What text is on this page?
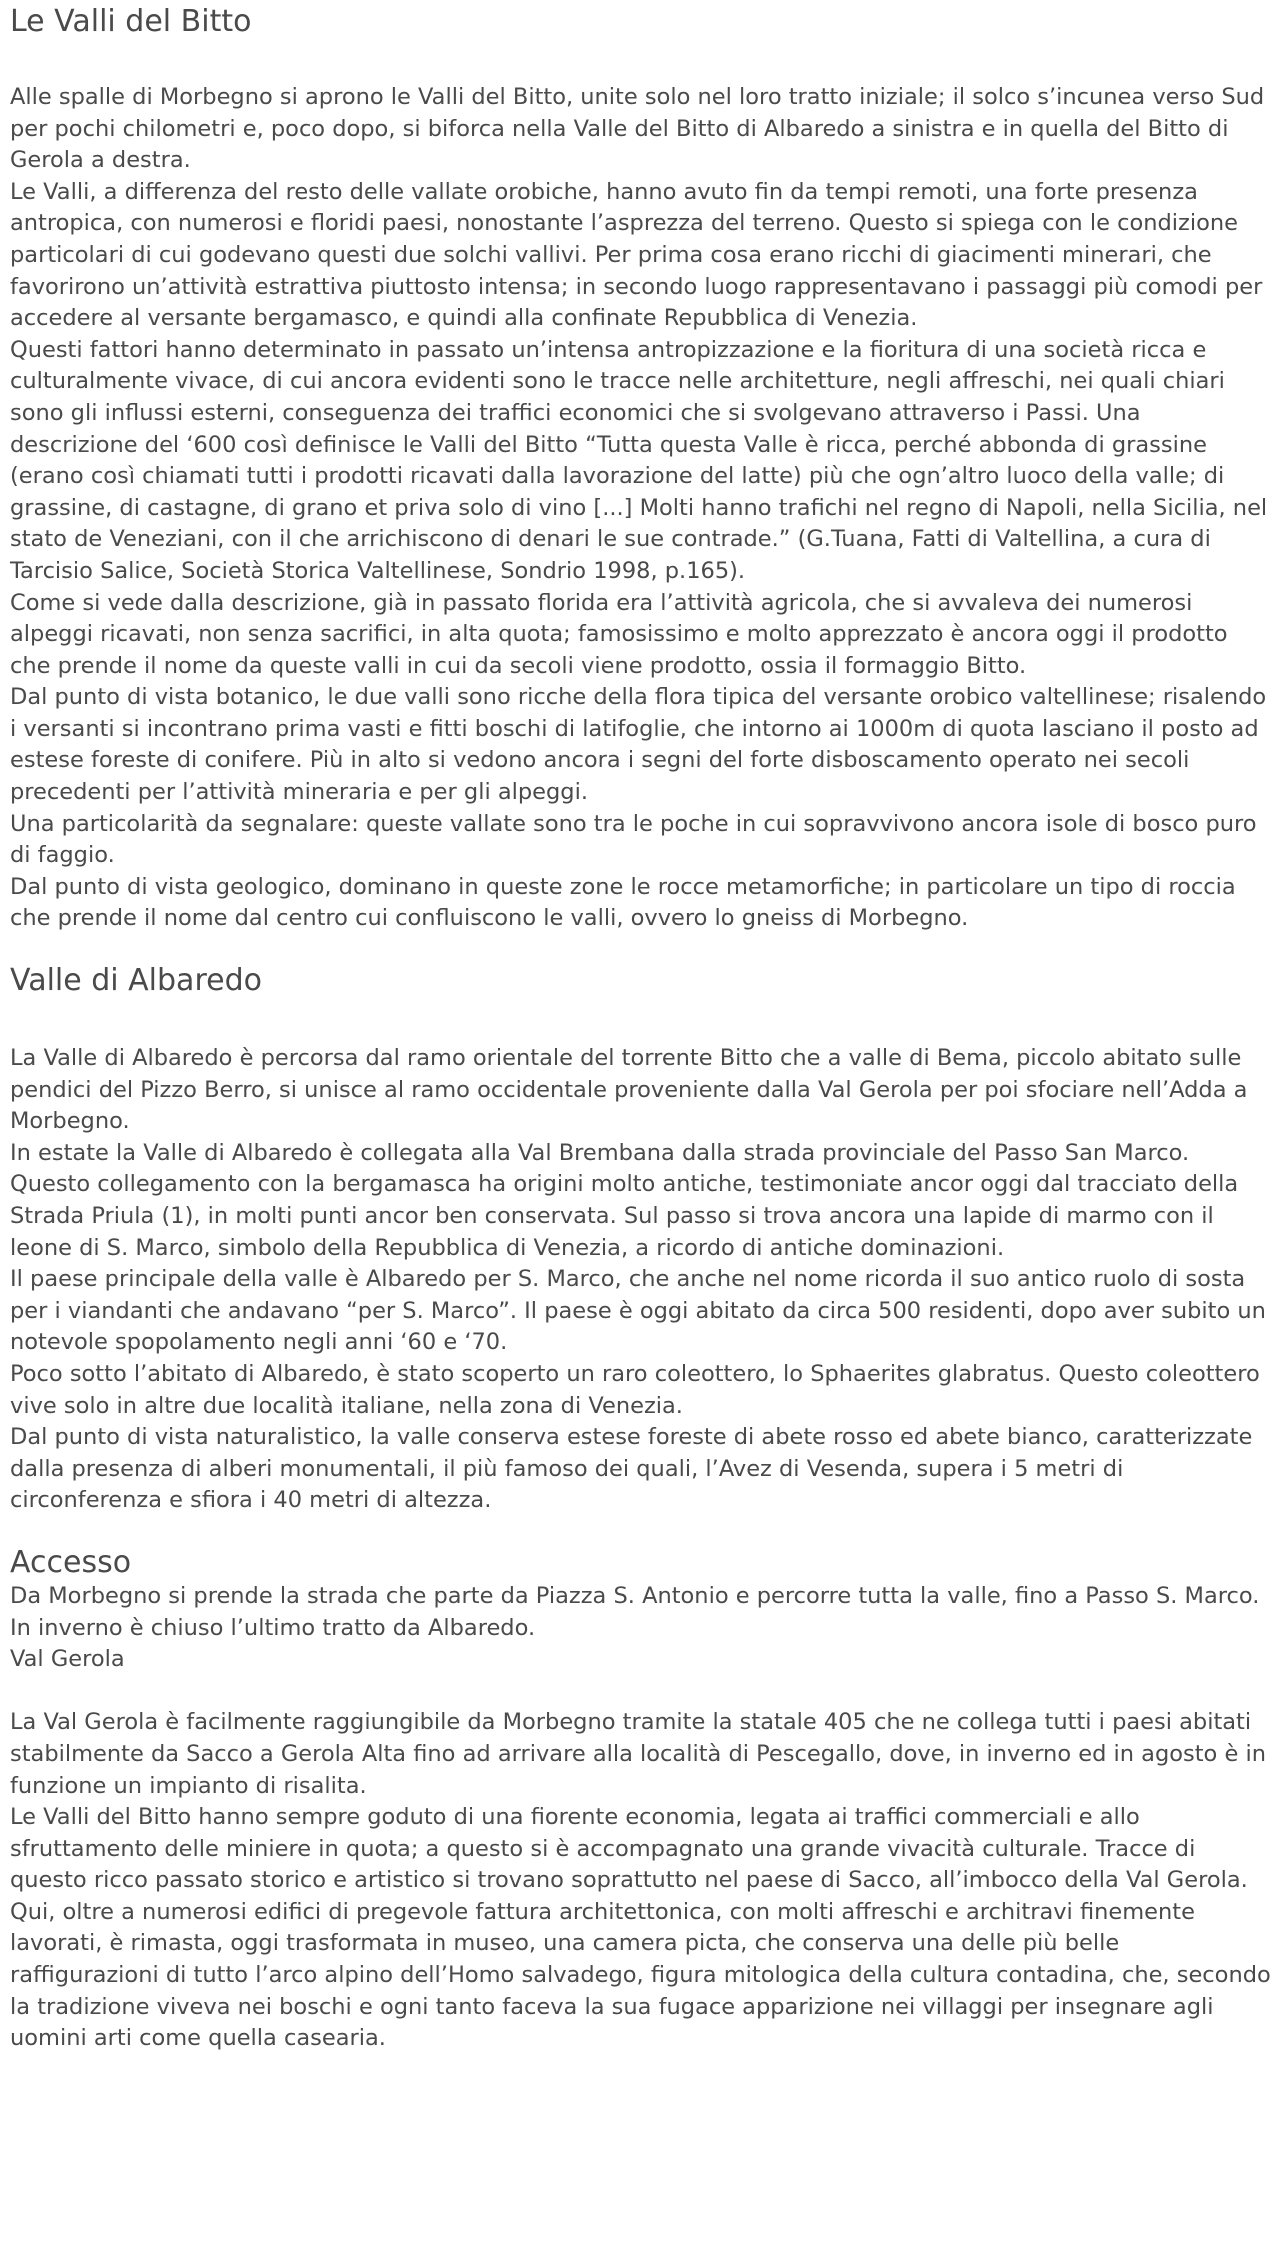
Le Valli del Bitto

Alle spalle di Morbegno si aprono le Valli del Bitto, unite solo nel loro tratto iniziale; il solco s’incunea verso Sud per pochi chilometri e, poco dopo, si biforca nella Valle del Bitto di Albaredo a sinistra e in quella del Bitto di Gerola a destra.

Le Valli, a differenza del resto delle vallate orobiche, hanno avuto fin da tempi remoti, una forte presenza antropica, con numerosi e floridi paesi, nonostante l’asprezza del terreno. Questo si spiega con le condizione particolari di cui godevano questi due solchi vallivi. Per prima cosa erano ricchi di giacimenti minerari, che favorirono un’attività estrattiva piuttosto intensa; in secondo luogo rappresentavano i passaggi più comodi per accedere al versante bergamasco, e quindi alla confinate Repubblica di Venezia.

Questi fattori hanno determinato in passato un’intensa antropizzazione e la fioritura di una società ricca e culturalmente vivace, di cui ancora evidenti sono le tracce nelle architetture, negli affreschi, nei quali chiari sono gli influssi esterni, conseguenza dei traffici economici che si svolgevano attraverso i Passi. Una descrizione del ‘600 così definisce le Valli del Bitto “Tutta questa Valle è ricca, perché abbonda di grassine (erano così chiamati tutti i prodotti ricavati dalla lavorazione del latte) più che ogn’altro luoco della valle; di grassine, di castagne, di grano et priva solo di vino [...] Molti hanno trafichi nel regno di Napoli, nella Sicilia, nel stato de Veneziani, con il che arrichiscono di denari le sue contrade.” (G.Tuana, Fatti di Valtellina, a cura di Tarcisio Salice, Società Storica Valtellinese, Sondrio 1998, p.165).

Come si vede dalla descrizione, già in passato florida era l’attività agricola, che si avvaleva dei numerosi alpeggi ricavati, non senza sacrifici, in alta quota; famosissimo e molto apprezzato è ancora oggi il prodotto che prende il nome da queste valli in cui da secoli viene prodotto, ossia il formaggio Bitto.

Dal punto di vista botanico, le due valli sono ricche della flora tipica del versante orobico valtellinese; risalendo i versanti si incontrano prima vasti e fitti boschi di latifoglie, che intorno ai 1000m di quota lasciano il posto ad estese foreste di conifere. Più in alto si vedono ancora i segni del forte disboscamento operato nei secoli precedenti per l’attività mineraria e per gli alpeggi.

Una particolarità da segnalare: queste vallate sono tra le poche in cui sopravvivono ancora isole di bosco puro di faggio.

Dal punto di vista geologico, dominano in queste zone le rocce metamorfiche; in particolare un tipo di roccia che prende il nome dal centro cui confluiscono le valli, ovvero lo gneiss di Morbegno.

Valle di Albaredo

La Valle di Albaredo è percorsa dal ramo orientale del torrente Bitto che a valle di Bema, piccolo abitato sulle pendici del Pizzo Berro, si unisce al ramo occidentale proveniente dalla Val Gerola per poi sfociare nell’Adda a Morbegno.

In estate la Valle di Albaredo è collegata alla Val Brembana dalla strada provinciale del Passo San Marco. Questo collegamento con la bergamasca ha origini molto antiche, testimoniate ancor oggi dal tracciato della Strada Priula (1), in molti punti ancor ben conservata. Sul passo si trova ancora una lapide di marmo con il leone di S. Marco, simbolo della Repubblica di Venezia, a ricordo di antiche dominazioni.

Il paese principale della valle è Albaredo per S. Marco, che anche nel nome ricorda il suo antico ruolo di sosta per i viandanti che andavano “per S. Marco”. Il paese è oggi abitato da circa 500 residenti, dopo aver subito un notevole spopolamento negli anni ‘60 e ‘70.

Poco sotto l’abitato di Albaredo, è stato scoperto un raro coleottero, lo Sphaerites glabratus. Questo coleottero vive solo in altre due località italiane, nella zona di Venezia.

Dal punto di vista naturalistico, la valle conserva estese foreste di abete rosso ed abete bianco, caratterizzate dalla presenza di alberi monumentali, il più famoso dei quali, l’Avez di Vesenda, supera i 5 metri di circonferenza e sfiora i 40 metri di altezza.

Accesso

Da Morbegno si prende la strada che parte da Piazza S. Antonio e percorre tutta la valle, fino a Passo S. Marco. In inverno è chiuso l’ultimo tratto da Albaredo.

Val Gerola

La Val Gerola è facilmente raggiungibile da Morbegno tramite la statale 405 che ne collega tutti i paesi abitati stabilmente da Sacco a Gerola Alta fino ad arrivare alla località di Pescegallo, dove, in inverno ed in agosto è in funzione un impianto di risalita.

Le Valli del Bitto hanno sempre goduto di una fiorente economia, legata ai traffici commerciali e allo sfruttamento delle miniere in quota; a questo si è accompagnato una grande vivacità culturale. Tracce di questo ricco passato storico e artistico si trovano soprattutto nel paese di Sacco, all’imbocco della Val Gerola. Qui, oltre a numerosi edifici di pregevole fattura architettonica, con molti affreschi e architravi finemente lavorati, è rimasta, oggi trasformata in museo, una camera picta, che conserva una delle più belle raffigurazioni di tutto l’arco alpino dell’Homo salvadego, figura mitologica della cultura contadina, che, secondo la tradizione viveva nei boschi e ogni tanto faceva la sua fugace apparizione nei villaggi per insegnare agli uomini arti come quella casearia.
